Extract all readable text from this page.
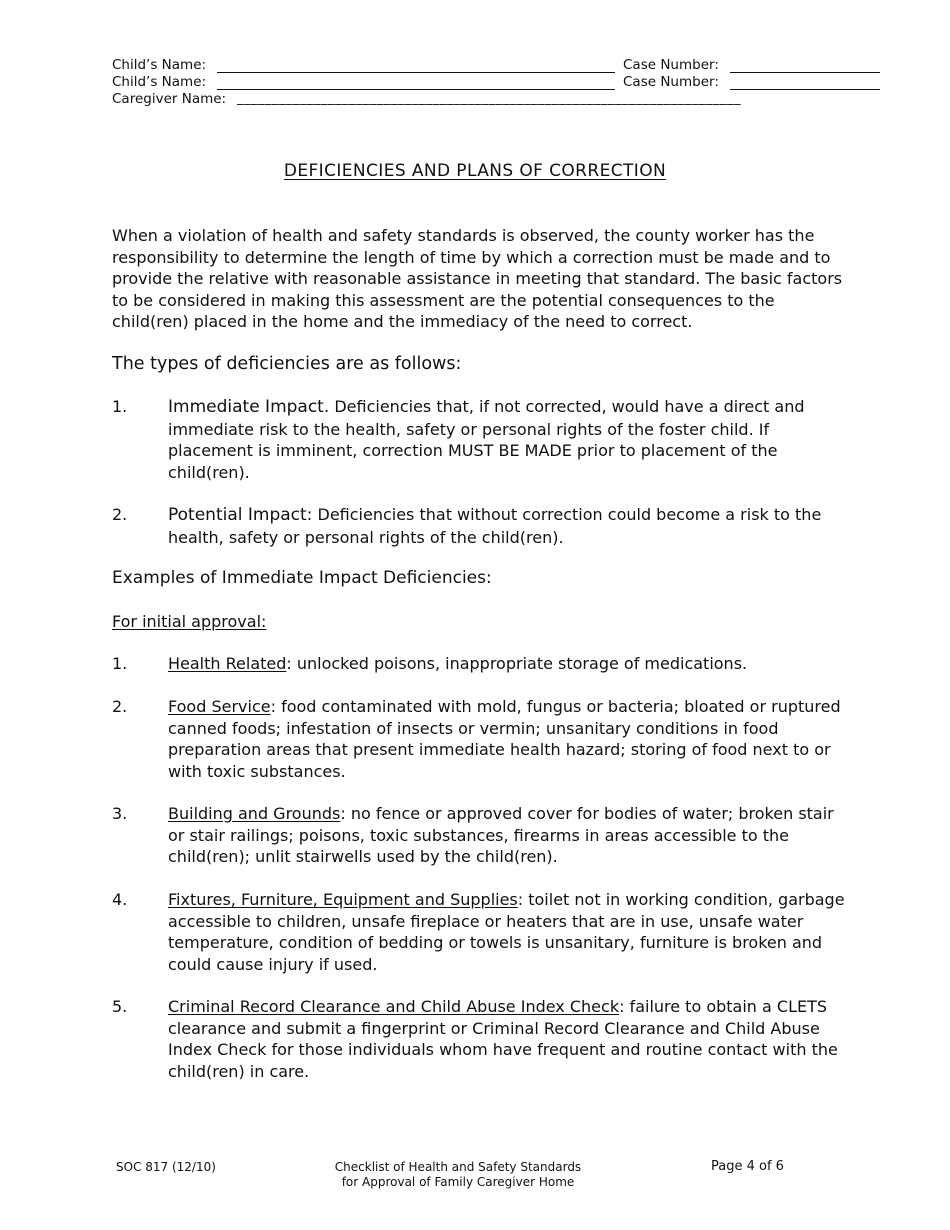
Child’s Name:	Case Number:
Child’s Name:	Case Number:
Caregiver Name: ________________________________________________________________________
DEFICIENCIES AND PLANS OF CORRECTION
When a violation of health and safety standards is observed, the county worker has the responsibility to determine the length of time by which a correction must be made and to provide the relative with reasonable assistance in meeting that standard. The basic factors to be considered in making this assessment are the potential consequences to the child(ren) placed in the home and the immediacy of the need to correct.
The types of deficiencies are as follows:
1.	Immediate Impact. Deficiencies that, if not corrected, would have a direct and immediate risk to the health, safety or personal rights of the foster child. If placement is imminent, correction MUST BE MADE prior to placement of the child(ren).
2.	Potential Impact: Deficiencies that without correction could become a risk to the health, safety or personal rights of the child(ren).
Examples of Immediate Impact Deficiencies:
For initial approval:
1.	Health Related: unlocked poisons, inappropriate storage of medications.
2.	Food Service: food contaminated with mold, fungus or bacteria; bloated or ruptured canned foods; infestation of insects or vermin; unsanitary conditions in food preparation areas that present immediate health hazard; storing of food next to or with toxic substances.
3.	Building and Grounds: no fence or approved cover for bodies of water; broken stair or stair railings; poisons, toxic substances, firearms in areas accessible to the child(ren); unlit stairwells used by the child(ren).
4.	Fixtures, Furniture, Equipment and Supplies: toilet not in working condition, garbage accessible to children, unsafe fireplace or heaters that are in use, unsafe water temperature, condition of bedding or towels is unsanitary, furniture is broken and could cause injury if used.
5.	Criminal Record Clearance and Child Abuse Index Check: failure to obtain a CLETS clearance and submit a fingerprint or Criminal Record Clearance and Child Abuse Index Check for those individuals whom have frequent and routine contact with the child(ren) in care.
SOC 817 (12/10)	Checklist of Health and Safety Standards
for Approval of Family Caregiver Home
Page 4 of 6
